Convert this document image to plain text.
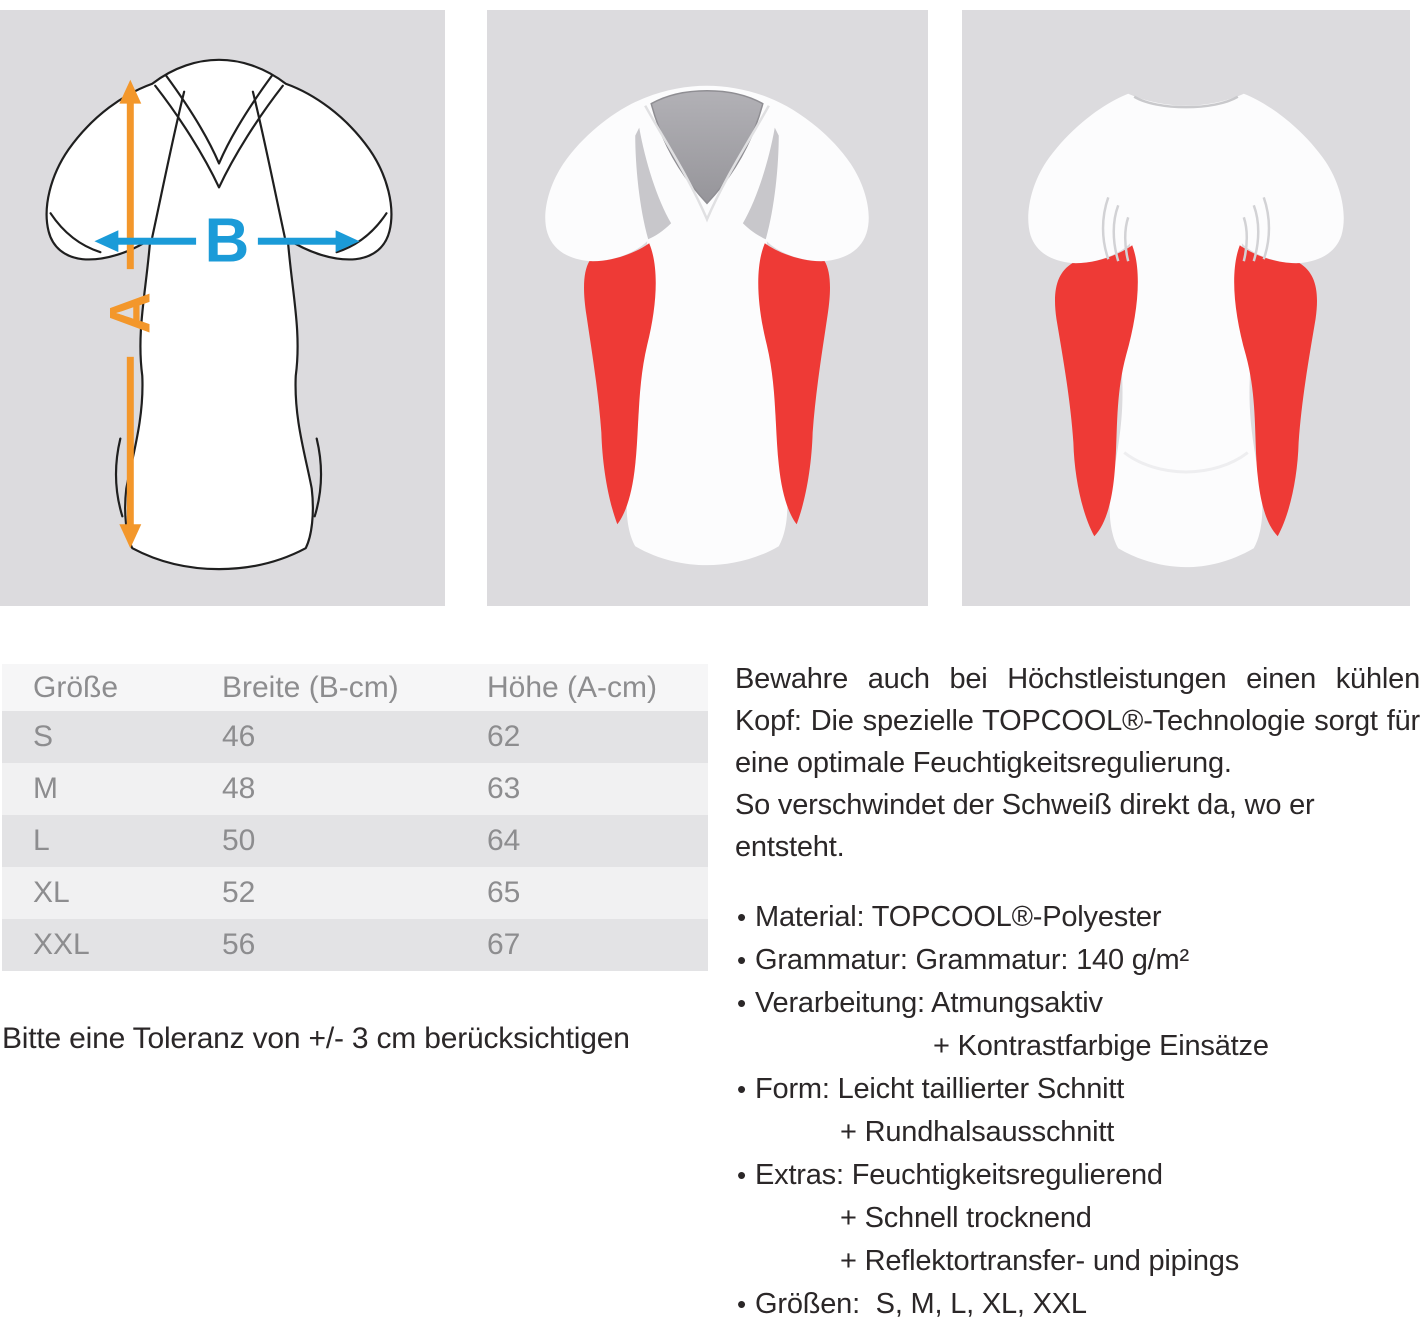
A
B
Größe	Breite (B-cm)	Höhe (A-cm)
S	46	62
M	48	63
L	50	64
XL	52	65
XXL	56	67
Bitte eine Toleranz von +/- 3 cm berücksichtigen

Bewahre auch bei Höchstleistungen einen kühlen Kopf: Die spezielle TOPCOOL®-Technologie sorgt für eine optimale Feuchtigkeitsregulierung.

So verschwindet der Schweiß direkt da, wo er entsteht.

• Material: TOPCOOL®-Polyester
• Grammatur: Grammatur: 140 g/m²
• Verarbeitung: Atmungsaktiv
+ Kontrastfarbige Einsätze
• Form: Leicht taillierter Schnitt
+ Rundhalsausschnitt
• Extras: Feuchtigkeitsregulierend
+ Schnell trocknend
+ Reflektortransfer- und pipings
• Größen:  S, M, L, XL, XXL
